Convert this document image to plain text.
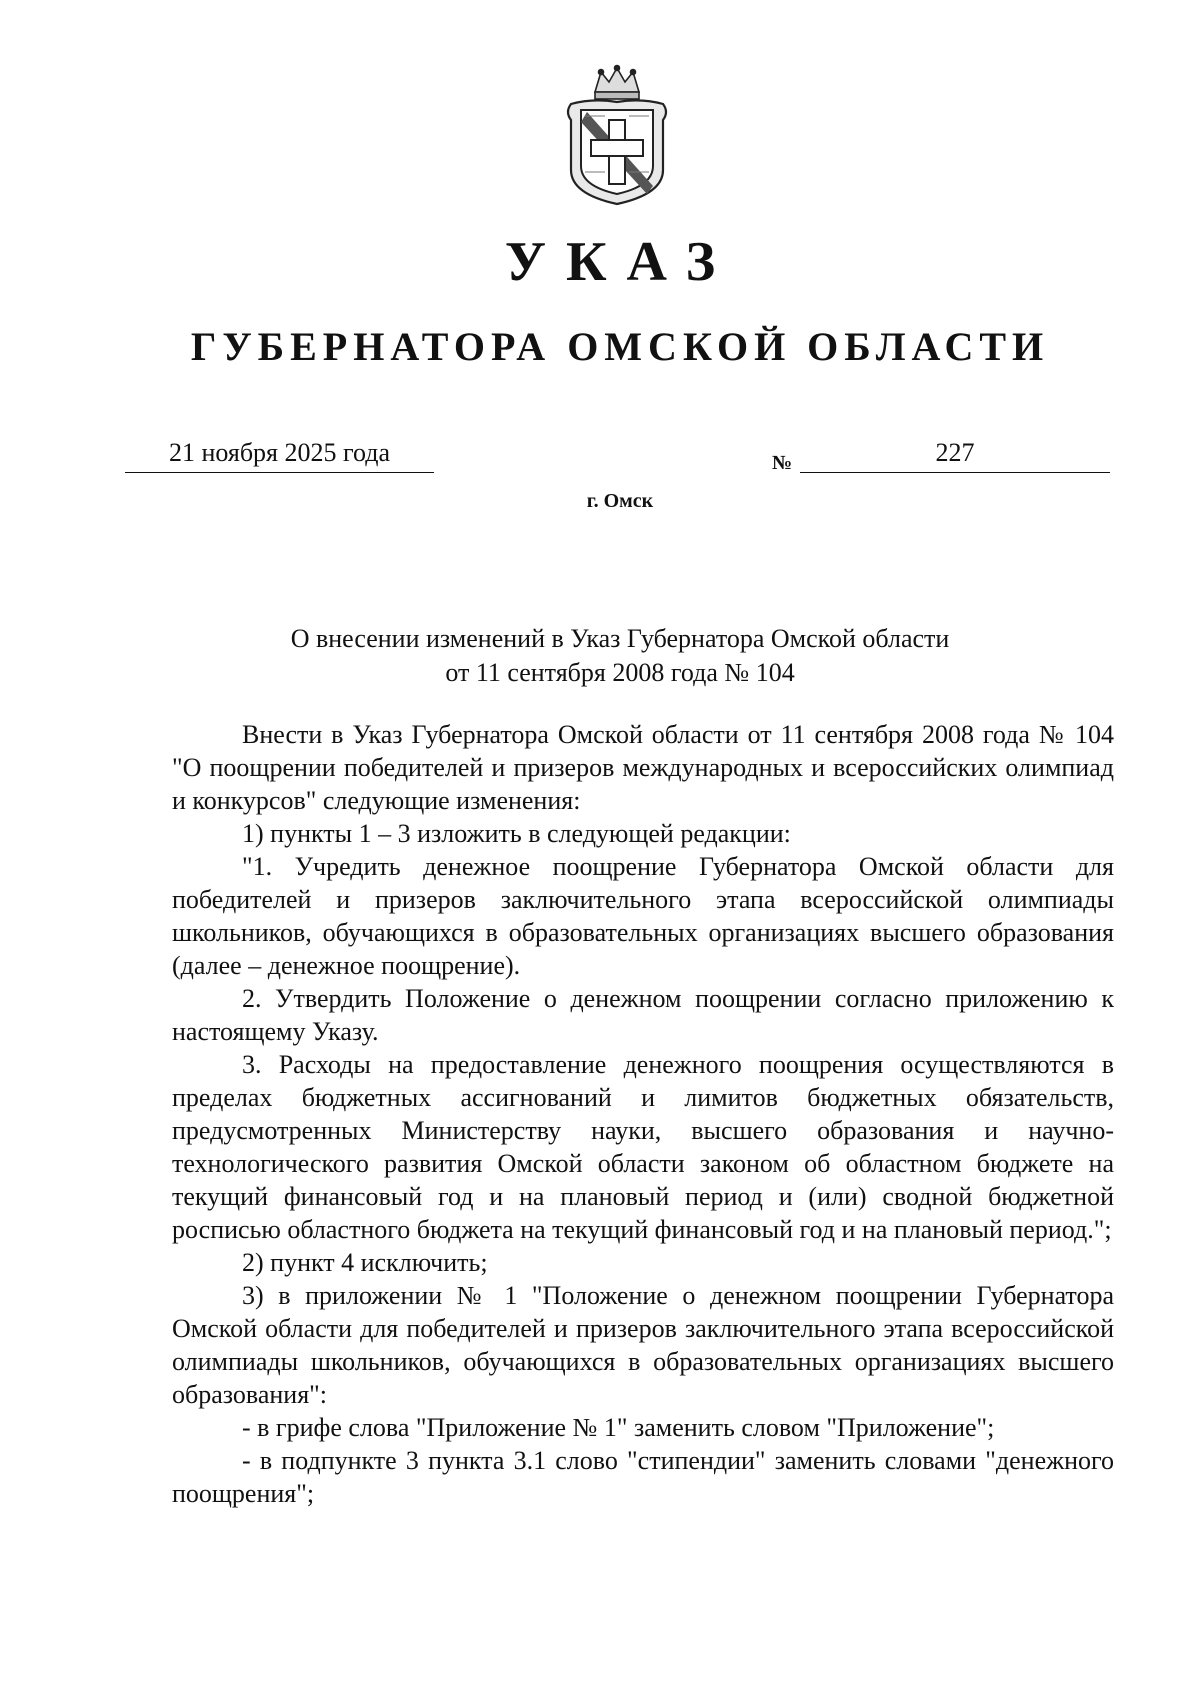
УКАЗ
ГУБЕРНАТОРА ОМСКОЙ ОБЛАСТИ
21 ноября 2025 года	№	227
г. Омск
О внесении изменений в Указ Губернатора Омской области
от 11 сентября 2008 года № 104

Внести в Указ Губернатора Омской области от 11 сентября 2008 года № 104 "О поощрении победителей и призеров международных и всероссийских олимпиад и конкурсов" следующие изменения:

1) пункты 1 – 3 изложить в следующей редакции:

"1. Учредить денежное поощрение Губернатора Омской области для победителей и призеров заключительного этапа всероссийской олимпиады школьников, обучающихся в образовательных организациях высшего образования (далее – денежное поощрение).

2. Утвердить Положение о денежном поощрении согласно приложению к настоящему Указу.

3. Расходы на предоставление денежного поощрения осуществляются в пределах бюджетных ассигнований и лимитов бюджетных обязательств, предусмотренных Министерству науки, высшего образования и научно-технологического развития Омской области законом об областном бюджете на текущий финансовый год и на плановый период и (или) сводной бюджетной росписью областного бюджета на текущий финансовый год и на плановый период.";

2) пункт 4 исключить;

3) в приложении № 1 "Положение о денежном поощрении Губернатора Омской области для победителей и призеров заключительного этапа всероссийской олимпиады школьников, обучающихся в образовательных организациях высшего образования":

- в грифе слова "Приложение № 1" заменить словом "Приложение";

- в подпункте 3 пункта 3.1 слово "стипендии" заменить словами "денежного поощрения";
